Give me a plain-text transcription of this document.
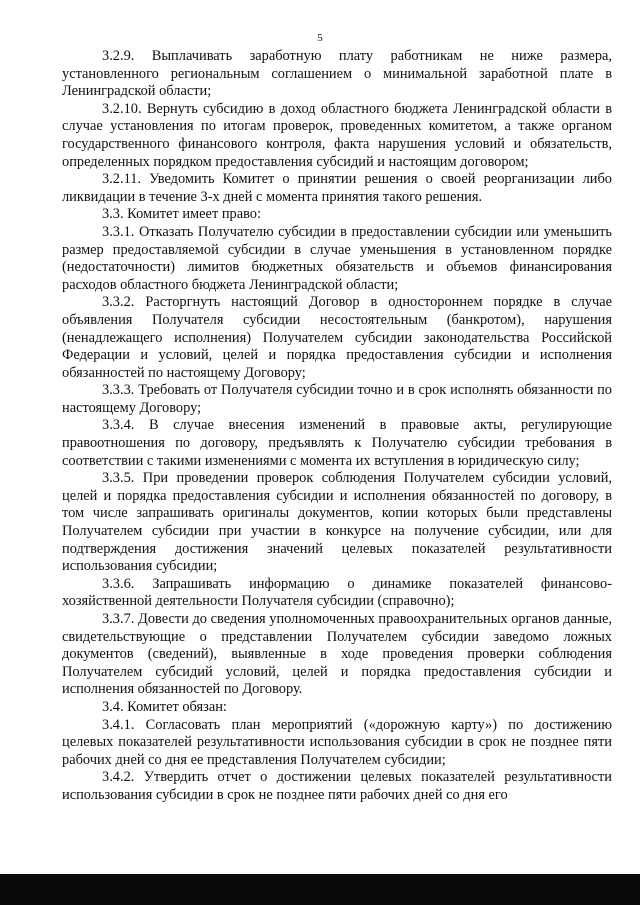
5

3.2.9. Выплачивать заработную плату работникам не ниже размера, установленного региональным соглашением о минимальной заработной плате в Ленинградской области;

3.2.10. Вернуть субсидию в доход областного бюджета Ленинградской области в случае установления по итогам проверок, проведенных комитетом, а также органом государственного финансового контроля, факта нарушения условий и обязательств, определенных порядком предоставления субсидий и настоящим договором;

3.2.11. Уведомить Комитет о принятии решения о своей реорганизации либо ликвидации в течение 3-х дней с момента принятия такого решения.

3.3. Комитет имеет право:

3.3.1. Отказать Получателю субсидии в предоставлении субсидии или уменьшить размер предоставляемой субсидии в случае уменьшения в установленном порядке (недостаточности) лимитов бюджетных обязательств и объемов финансирования расходов областного бюджета Ленинградской области;

3.3.2. Расторгнуть настоящий Договор в одностороннем порядке в случае объявления Получателя субсидии несостоятельным (банкротом), нарушения (ненадлежащего исполнения) Получателем субсидии законодательства Российской Федерации и условий, целей и порядка предоставления субсидии и исполнения обязанностей по настоящему Договору;

3.3.3. Требовать от Получателя субсидии точно и в срок исполнять обязанности по настоящему Договору;

3.3.4. В случае внесения изменений в правовые акты, регулирующие правоотношения по договору, предъявлять к Получателю субсидии требования в соответствии с такими изменениями с момента их вступления в юридическую силу;

3.3.5. При проведении проверок соблюдения Получателем субсидии условий, целей и порядка предоставления субсидии и исполнения обязанностей по договору, в том числе запрашивать оригиналы документов, копии которых были представлены Получателем субсидии при участии в конкурсе на получение субсидии, или для подтверждения достижения значений целевых показателей результативности использования субсидии;

3.3.6. Запрашивать информацию о динамике показателей финансово-хозяйственной деятельности Получателя субсидии (справочно);

3.3.7. Довести до сведения уполномоченных правоохранительных органов данные, свидетельствующие о представлении Получателем субсидии заведомо ложных документов (сведений), выявленные в ходе проведения проверки соблюдения Получателем субсидий условий, целей и порядка предоставления субсидии и исполнения обязанностей по Договору.

3.4. Комитет обязан:

3.4.1. Согласовать план мероприятий («дорожную карту») по достижению целевых показателей результативности использования субсидии в срок не позднее пяти рабочих дней со дня ее представления Получателем субсидии;

3.4.2. Утвердить отчет о достижении целевых показателей результативности использования субсидии в срок не позднее пяти рабочих дней со дня его
